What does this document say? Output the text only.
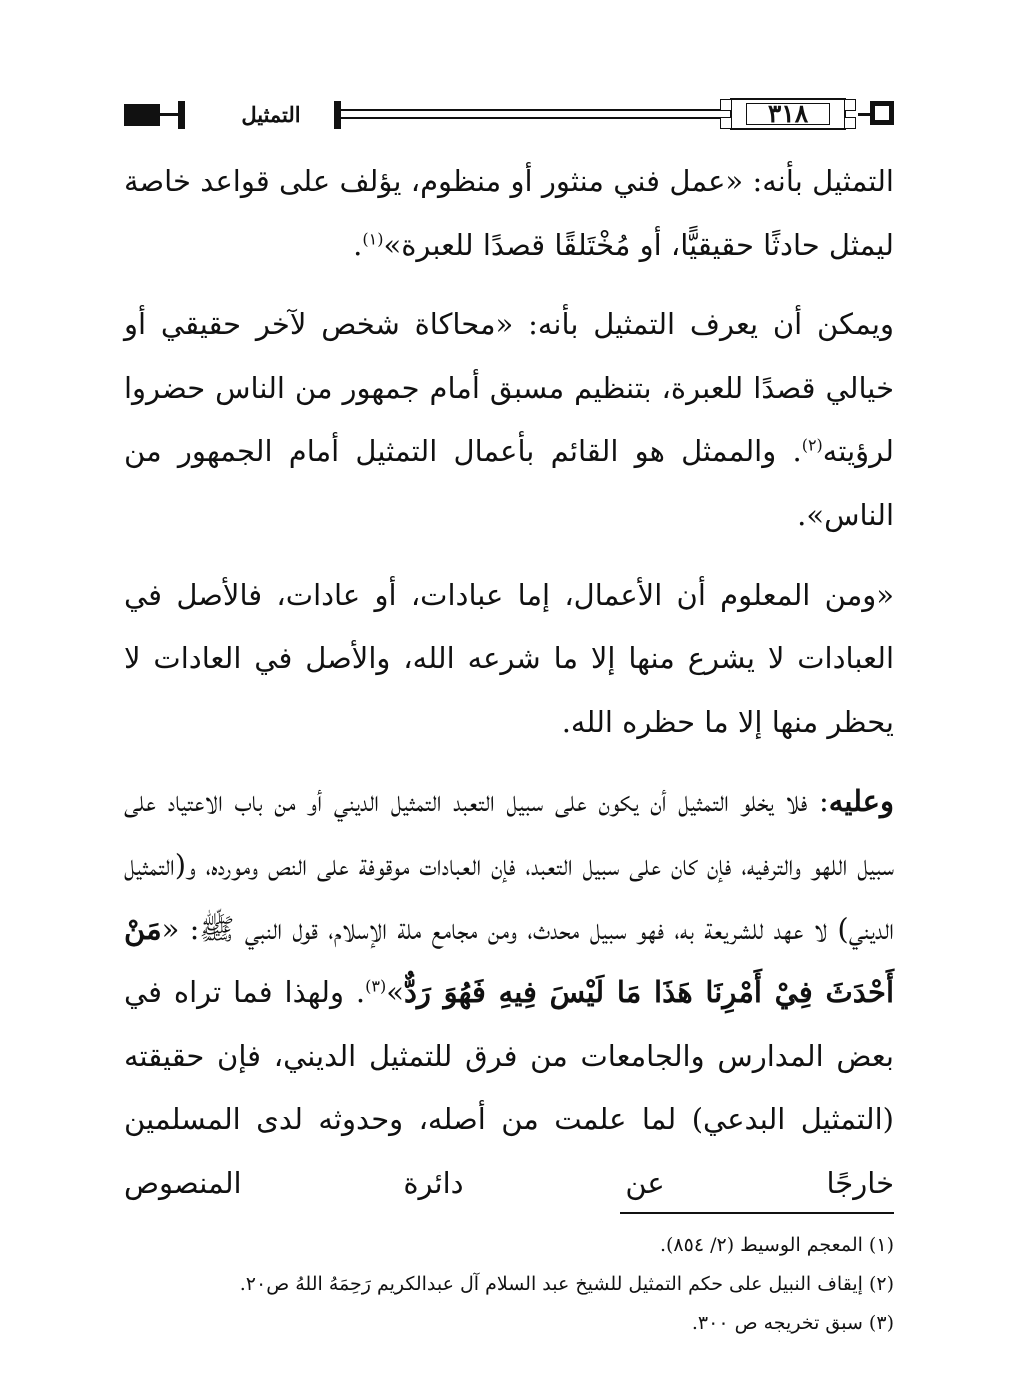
التمثيل	٣١٨

التمثيل بأنه: «عمل فني منثور أو منظوم، يؤلف على قواعد خاصة ليمثل حادثًا حقيقيًّا، أو مُخْتَلقًا قصدًا للعبرة»$^{(١)}$.

ويمكن أن يعرف التمثيل بأنه: «محاكاة شخص لآخر حقيقي أو خيالي قصدًا للعبرة، بتنظيم مسبق أمام جمهور من الناس حضروا لرؤيته$^{(٢)}$. والممثل هو القائم بأعمال التمثيل أمام الجمهور من الناس».

«ومن المعلوم أن الأعمال، إما عبادات، أو عادات، فالأصل في العبادات لا يشرع منها إلا ما شرعه الله، والأصل في العادات لا يحظر منها إلا ما حظره الله.

وعليه: فلا يخلو التمثيل أن يكون على سبيل التعبد التمثيل الديني أو من باب الاعتياد على سبيل اللهو والترفيه، فإن كان على سبيل التعبد، فإن العبادات موقوفة على النص ومورده، و(التمثيل الديني) لا عهد للشريعة به، فهو سبيل محدث، ومن مجامع ملة الإسلام، قول النبي ﷺ: «مَنْ أَحْدَثَ فِيْ أَمْرِنَا هَذَا مَا لَيْسَ فِيهِ فَهُوَ رَدٌّ»$^{(٣)}$. ولهذا فما تراه في بعض المدارس والجامعات من فرق للتمثيل الديني، فإن حقيقته (التمثيل البدعي) لما علمت من أصله، وحدوثه لدى المسلمين خارجًا عن دائرة المنصوص

(١) المعجم الوسيط (٢/ ٨٥٤).

(٢) إيقاف النبيل على حكم التمثيل للشيخ عبد السلام آل عبدالكريم رَحِمَهُ اللهُ ص٢٠.

(٣) سبق تخريجه ص ٣٠٠.
